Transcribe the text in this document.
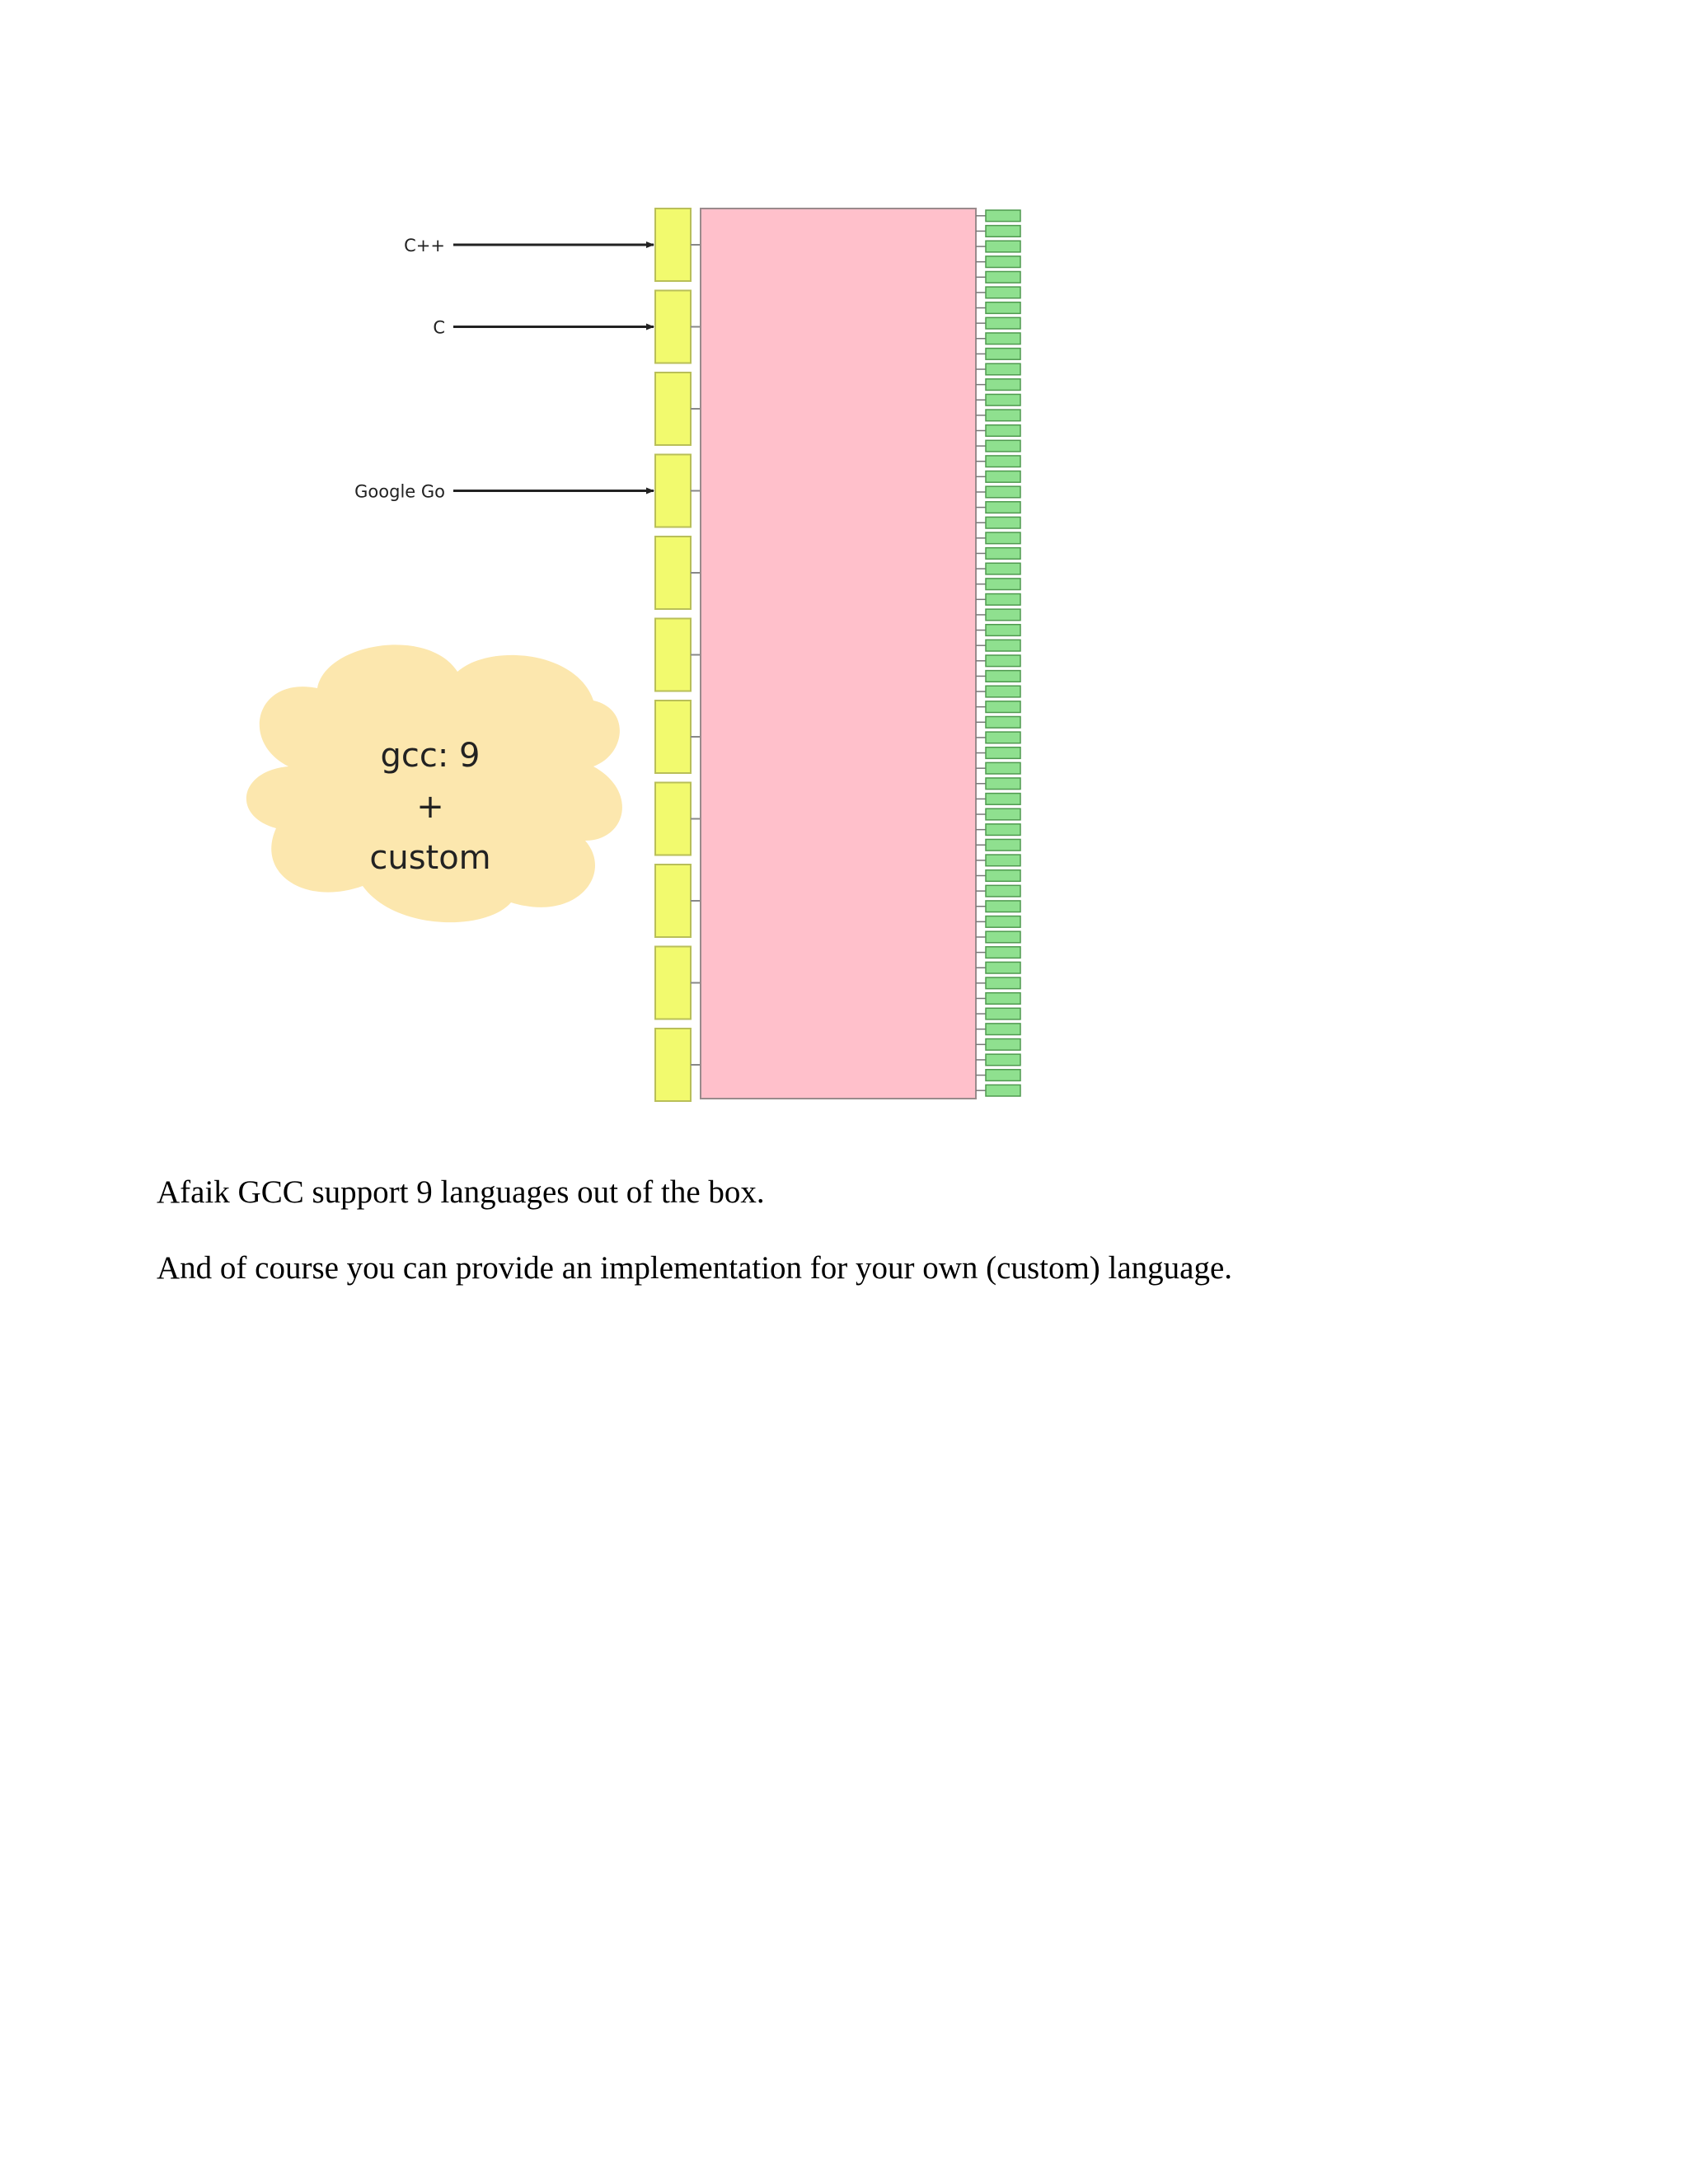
gcc: 9
+
custom
C++
C
Google Go

Afaik GCC support 9 languages out of the box.

And of course you can provide an implementation for your own (custom) language.
